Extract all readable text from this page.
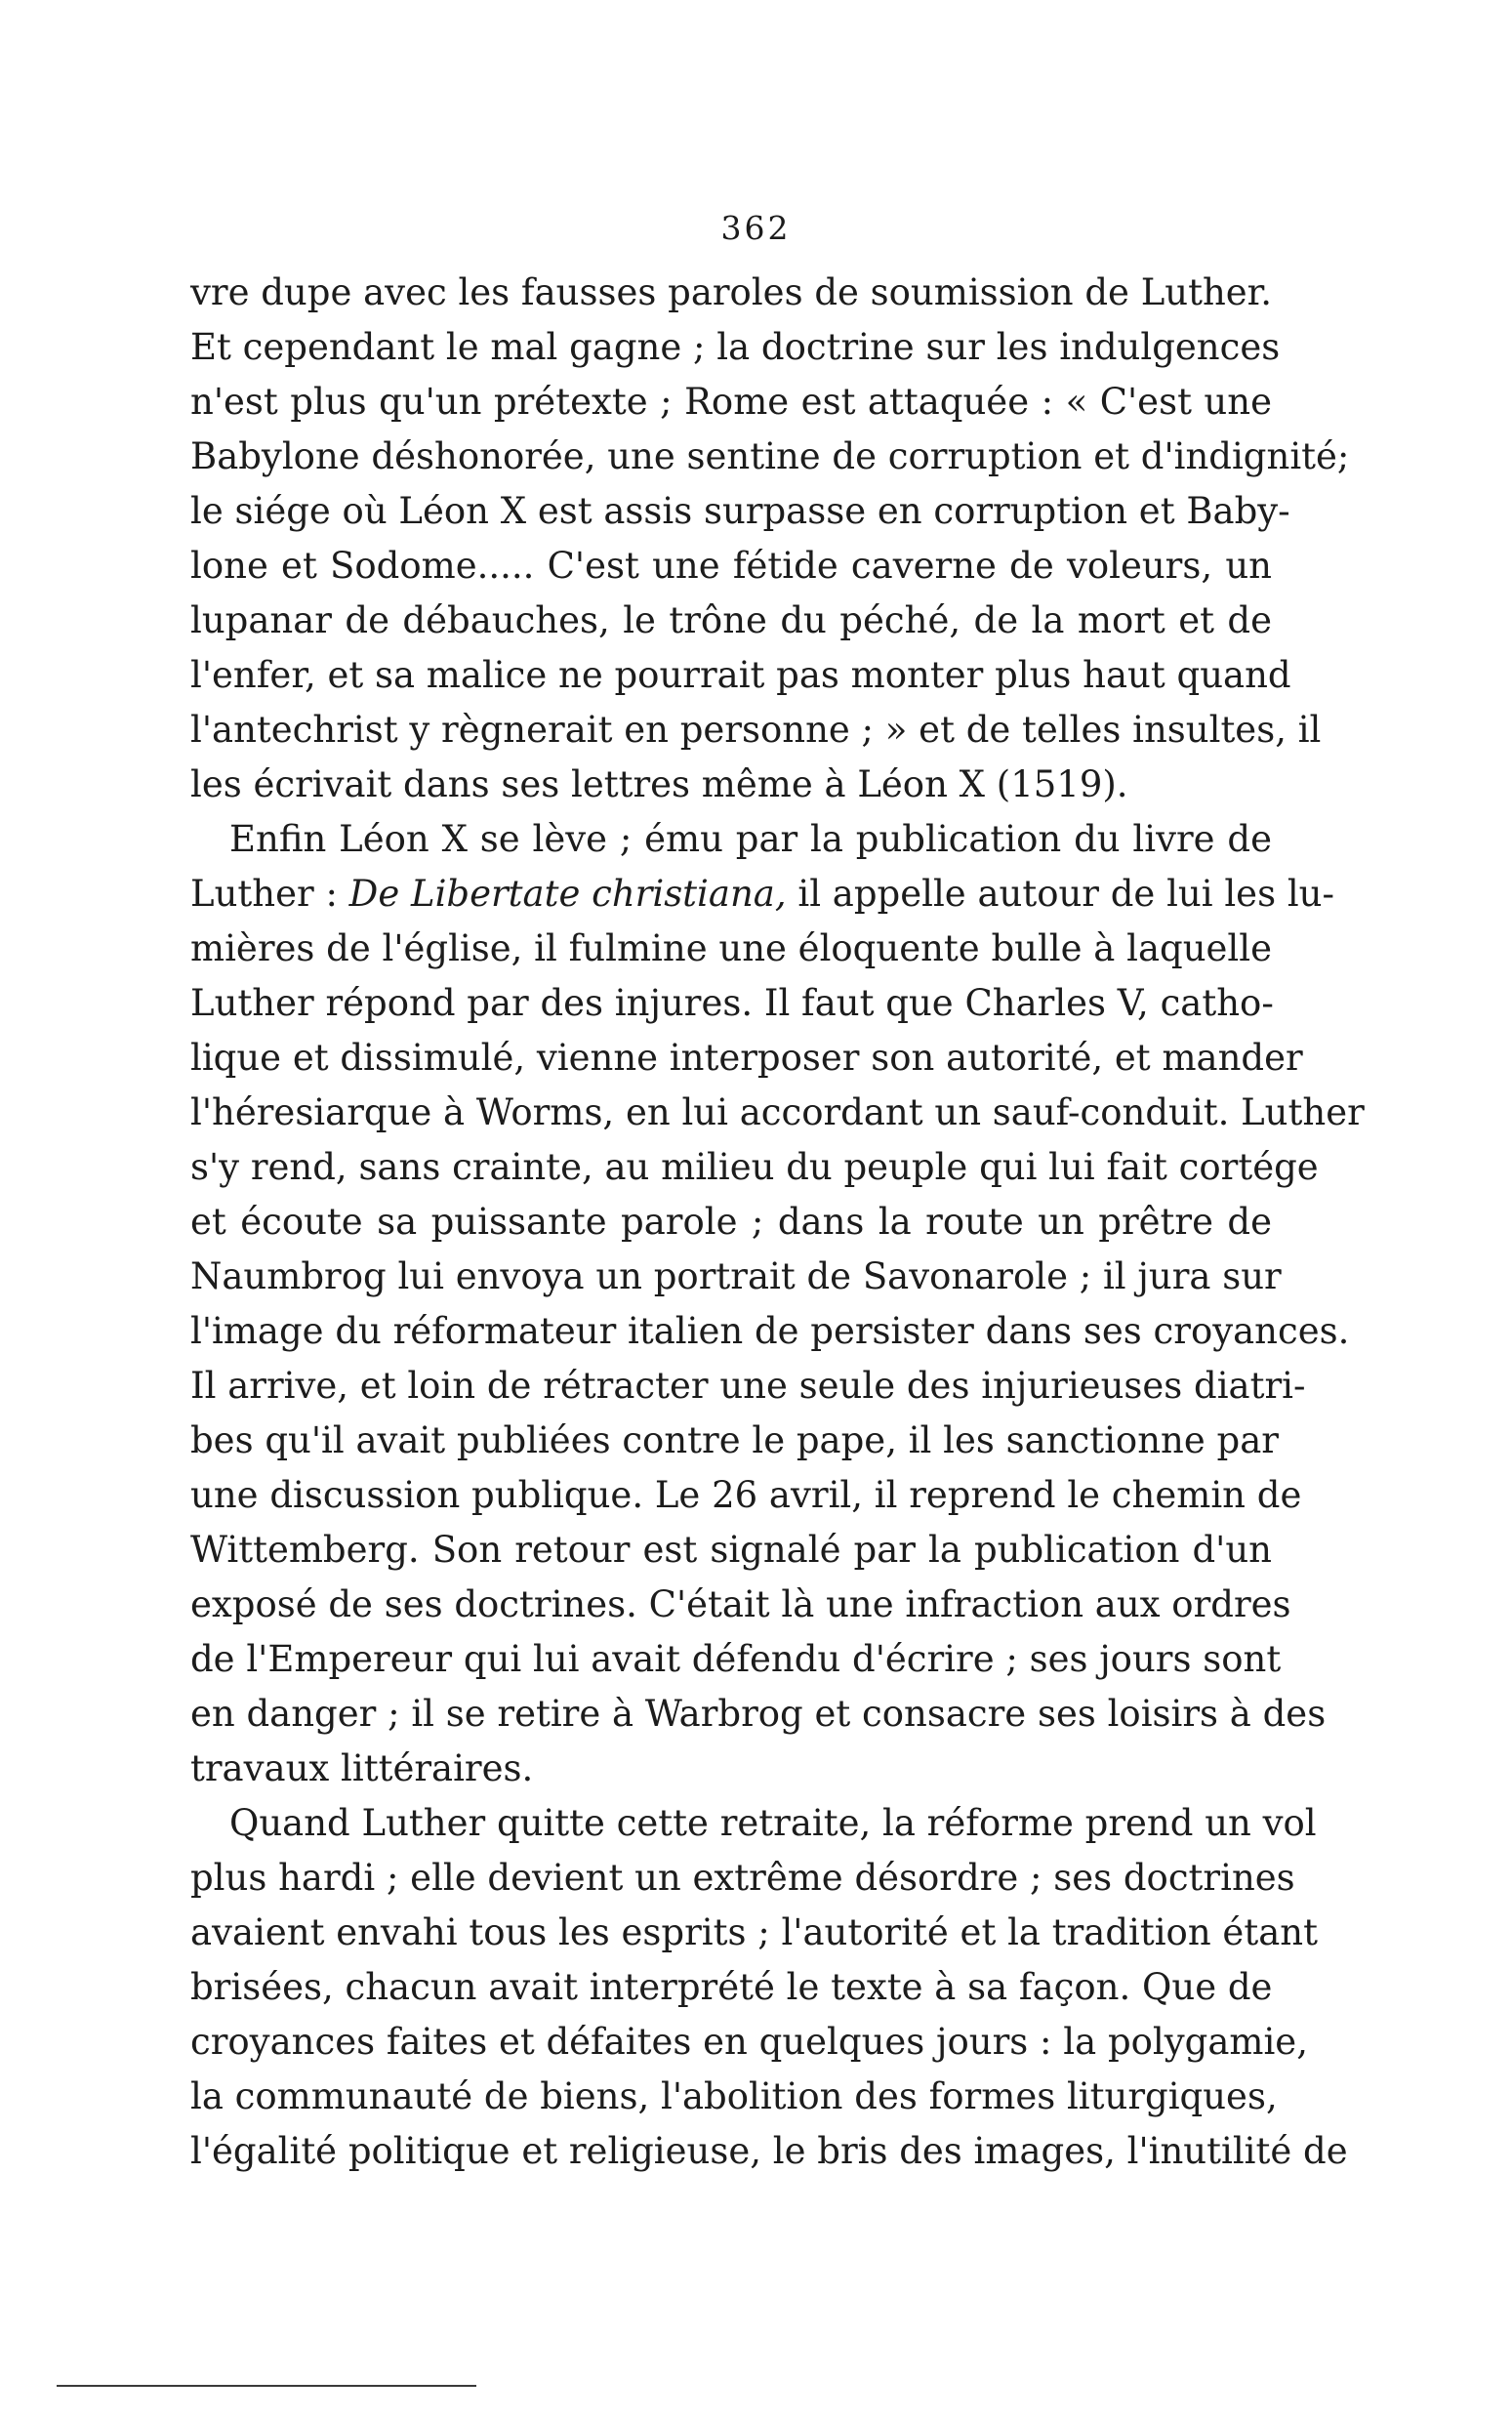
362
vre dupe avec les fausses paroles de soumission de Luther.
Et cependant le mal gagne ; la doctrine sur les indulgences
n'est plus qu'un prétexte ; Rome est attaquée : « C'est une
Babylone déshonorée, une sentine de corruption et d'indignité;
le siége où Léon X est assis surpasse en corruption et Baby-
lone et Sodome..... C'est une fétide caverne de voleurs, un
lupanar de débauches, le trône du péché, de la mort et de
l'enfer, et sa malice ne pourrait pas monter plus haut quand
l'antechrist y règnerait en personne ; » et de telles insultes, il
les écrivait dans ses lettres même à Léon X (1519).
Enfin Léon X se lève ; ému par la publication du livre de
Luther : De Libertate christiana, il appelle autour de lui les lu-
mières de l'église, il fulmine une éloquente bulle à laquelle
Luther répond par des injures. Il faut que Charles V, catho-
lique et dissimulé, vienne interposer son autorité, et mander
l'héresiarque à Worms, en lui accordant un sauf-conduit. Luther
s'y rend, sans crainte, au milieu du peuple qui lui fait cortége
et écoute sa puissante parole ; dans la route un prêtre de
Naumbrog lui envoya un portrait de Savonarole ; il jura sur
l'image du réformateur italien de persister dans ses croyances.
Il arrive, et loin de rétracter une seule des injurieuses diatri-
bes qu'il avait publiées contre le pape, il les sanctionne par
une discussion publique. Le 26 avril, il reprend le chemin de
Wittemberg. Son retour est signalé par la publication d'un
exposé de ses doctrines. C'était là une infraction aux ordres
de l'Empereur qui lui avait défendu d'écrire ; ses jours sont
en danger ; il se retire à Warbrog et consacre ses loisirs à des
travaux littéraires.
Quand Luther quitte cette retraite, la réforme prend un vol
plus hardi ; elle devient un extrême désordre ; ses doctrines
avaient envahi tous les esprits ; l'autorité et la tradition étant
brisées, chacun avait interprété le texte à sa façon. Que de
croyances faites et défaites en quelques jours : la polygamie,
la communauté de biens, l'abolition des formes liturgiques,
l'égalité politique et religieuse, le bris des images, l'inutilité de
